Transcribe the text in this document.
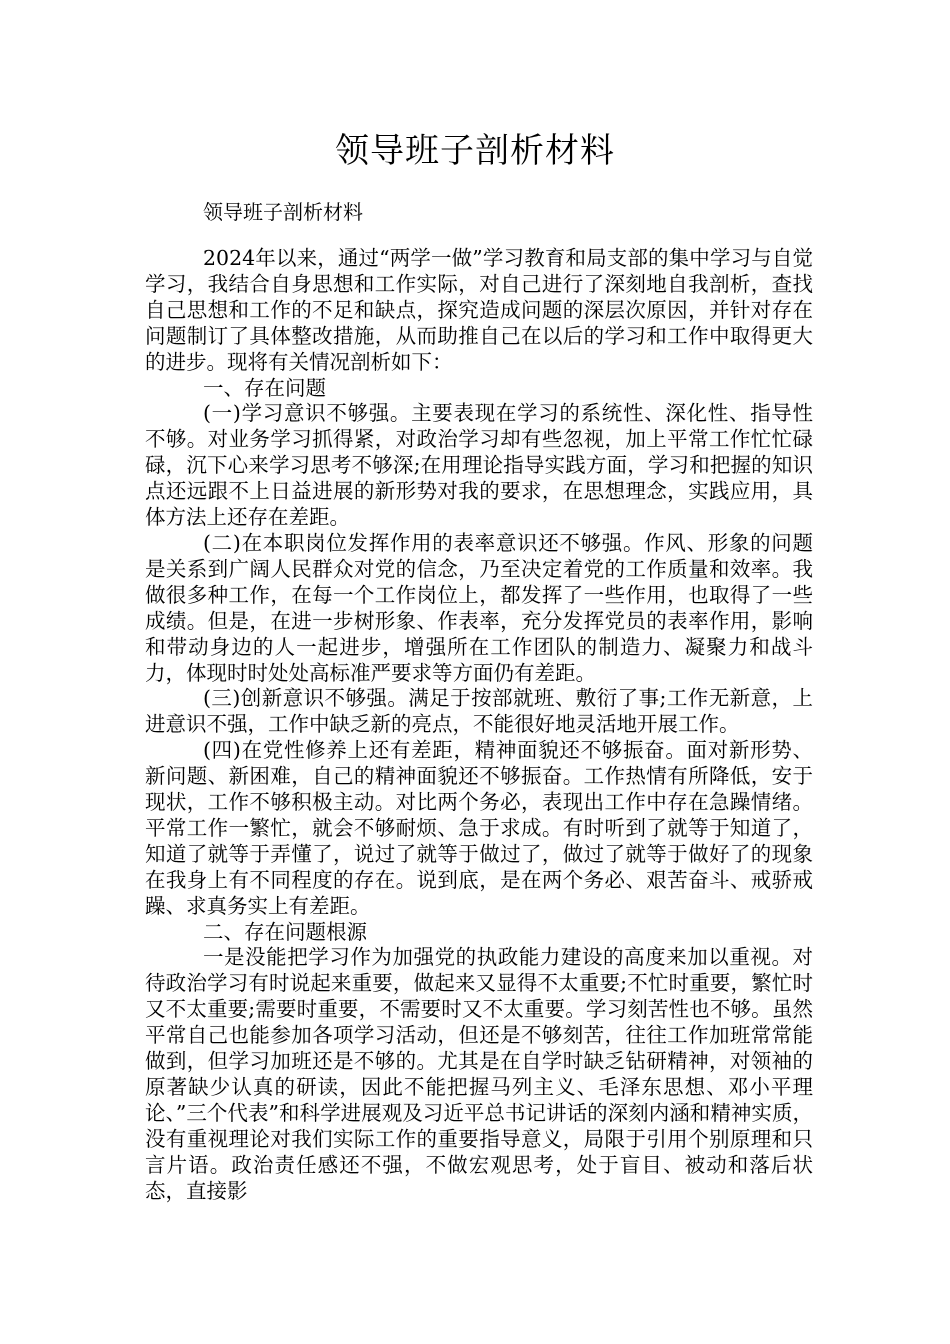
领导班子剖析材料

领导班子剖析材料

2024年以来，通过“两学一做”学习教育和局支部的集中学习与自觉学习，我结合自身思想和工作实际，对自己进行了深刻地自我剖析，查找自己思想和工作的不足和缺点，探究造成问题的深层次原因，并针对存在问题制订了具体整改措施，从而助推自己在以后的学习和工作中取得更大的进步。现将有关情况剖析如下：

一、存在问题

(一)学习意识不够强。主要表现在学习的系统性、深化性、指导性不够。对业务学习抓得紧，对政治学习却有些忽视，加上平常工作忙忙碌碌，沉下心来学习思考不够深;在用理论指导实践方面，学习和把握的知识点还远跟不上日益进展的新形势对我的要求，在思想理念，实践应用，具体方法上还存在差距。

(二)在本职岗位发挥作用的表率意识还不够强。作风、形象的问题是关系到广阔人民群众对党的信念，乃至决定着党的工作质量和效率。我做很多种工作，在每一个工作岗位上，都发挥了一些作用，也取得了一些成绩。但是，在进一步树形象、作表率，充分发挥党员的表率作用，影响和带动身边的人一起进步，增强所在工作团队的制造力、凝聚力和战斗力，体现时时处处高标准严要求等方面仍有差距。

(三)创新意识不够强。满足于按部就班、敷衍了事;工作无新意，上进意识不强，工作中缺乏新的亮点，不能很好地灵活地开展工作。

(四)在党性修养上还有差距，精神面貌还不够振奋。面对新形势、新问题、新困难，自己的精神面貌还不够振奋。工作热情有所降低，安于现状，工作不够积极主动。对比两个务必，表现出工作中存在急躁情绪。平常工作一繁忙，就会不够耐烦、急于求成。有时听到了就等于知道了，知道了就等于弄懂了，说过了就等于做过了，做过了就等于做好了的现象在我身上有不同程度的存在。说到底，是在两个务必、艰苦奋斗、戒骄戒躁、求真务实上有差距。

二、存在问题根源

一是没能把学习作为加强党的执政能力建设的高度来加以重视。对待政治学习有时说起来重要，做起来又显得不太重要;不忙时重要，繁忙时又不太重要;需要时重要，不需要时又不太重要。学习刻苦性也不够。虽然平常自己也能参加各项学习活动，但还是不够刻苦，往往工作加班常常能做到，但学习加班还是不够的。尤其是在自学时缺乏钻研精神，对领袖的原著缺少认真的研读，因此不能把握马列主义、毛泽东思想、邓小平理论、”三个代表”和科学进展观及习近平总书记讲话的深刻内涵和精神实质，没有重视理论对我们实际工作的重要指导意义，局限于引用个别原理和只言片语。政治责任感还不强，不做宏观思考，处于盲目、被动和落后状态，直接影
